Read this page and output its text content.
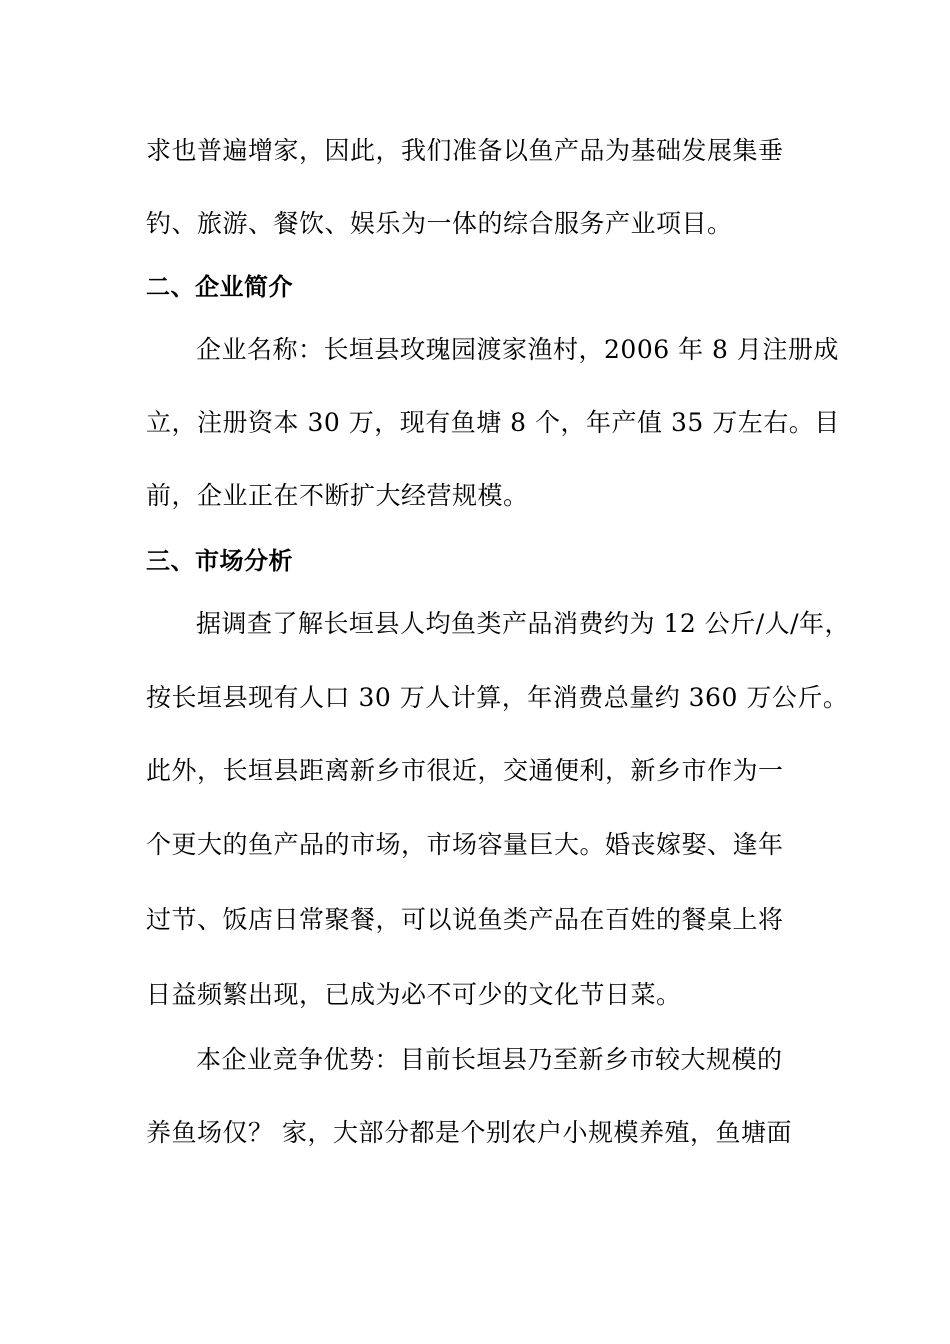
求也普遍增家，因此，我们准备以鱼产品为基础发展集垂
钓、旅游、餐饮、娱乐为一体的综合服务产业项目。
二、企业简介
企业名称：长垣县玫瑰园渡家渔村，2006 年 8 月注册成
立，注册资本 30 万，现有鱼塘 8 个，年产值 35 万左右。目
前，企业正在不断扩大经营规模。
三、市场分析
据调查了解长垣县人均鱼类产品消费约为 12 公斤/人/年，
按长垣县现有人口 30 万人计算，年消费总量约 360 万公斤。
此外，长垣县距离新乡市很近，交通便利，新乡市作为一
个更大的鱼产品的市场，市场容量巨大。婚丧嫁娶、逢年
过节、饭店日常聚餐，可以说鱼类产品在百姓的餐桌上将
日益频繁出现，已成为必不可少的文化节日菜。
本企业竞争优势：目前长垣县乃至新乡市较大规模的
养鱼场仅？ 家，大部分都是个别农户小规模养殖，鱼塘面
